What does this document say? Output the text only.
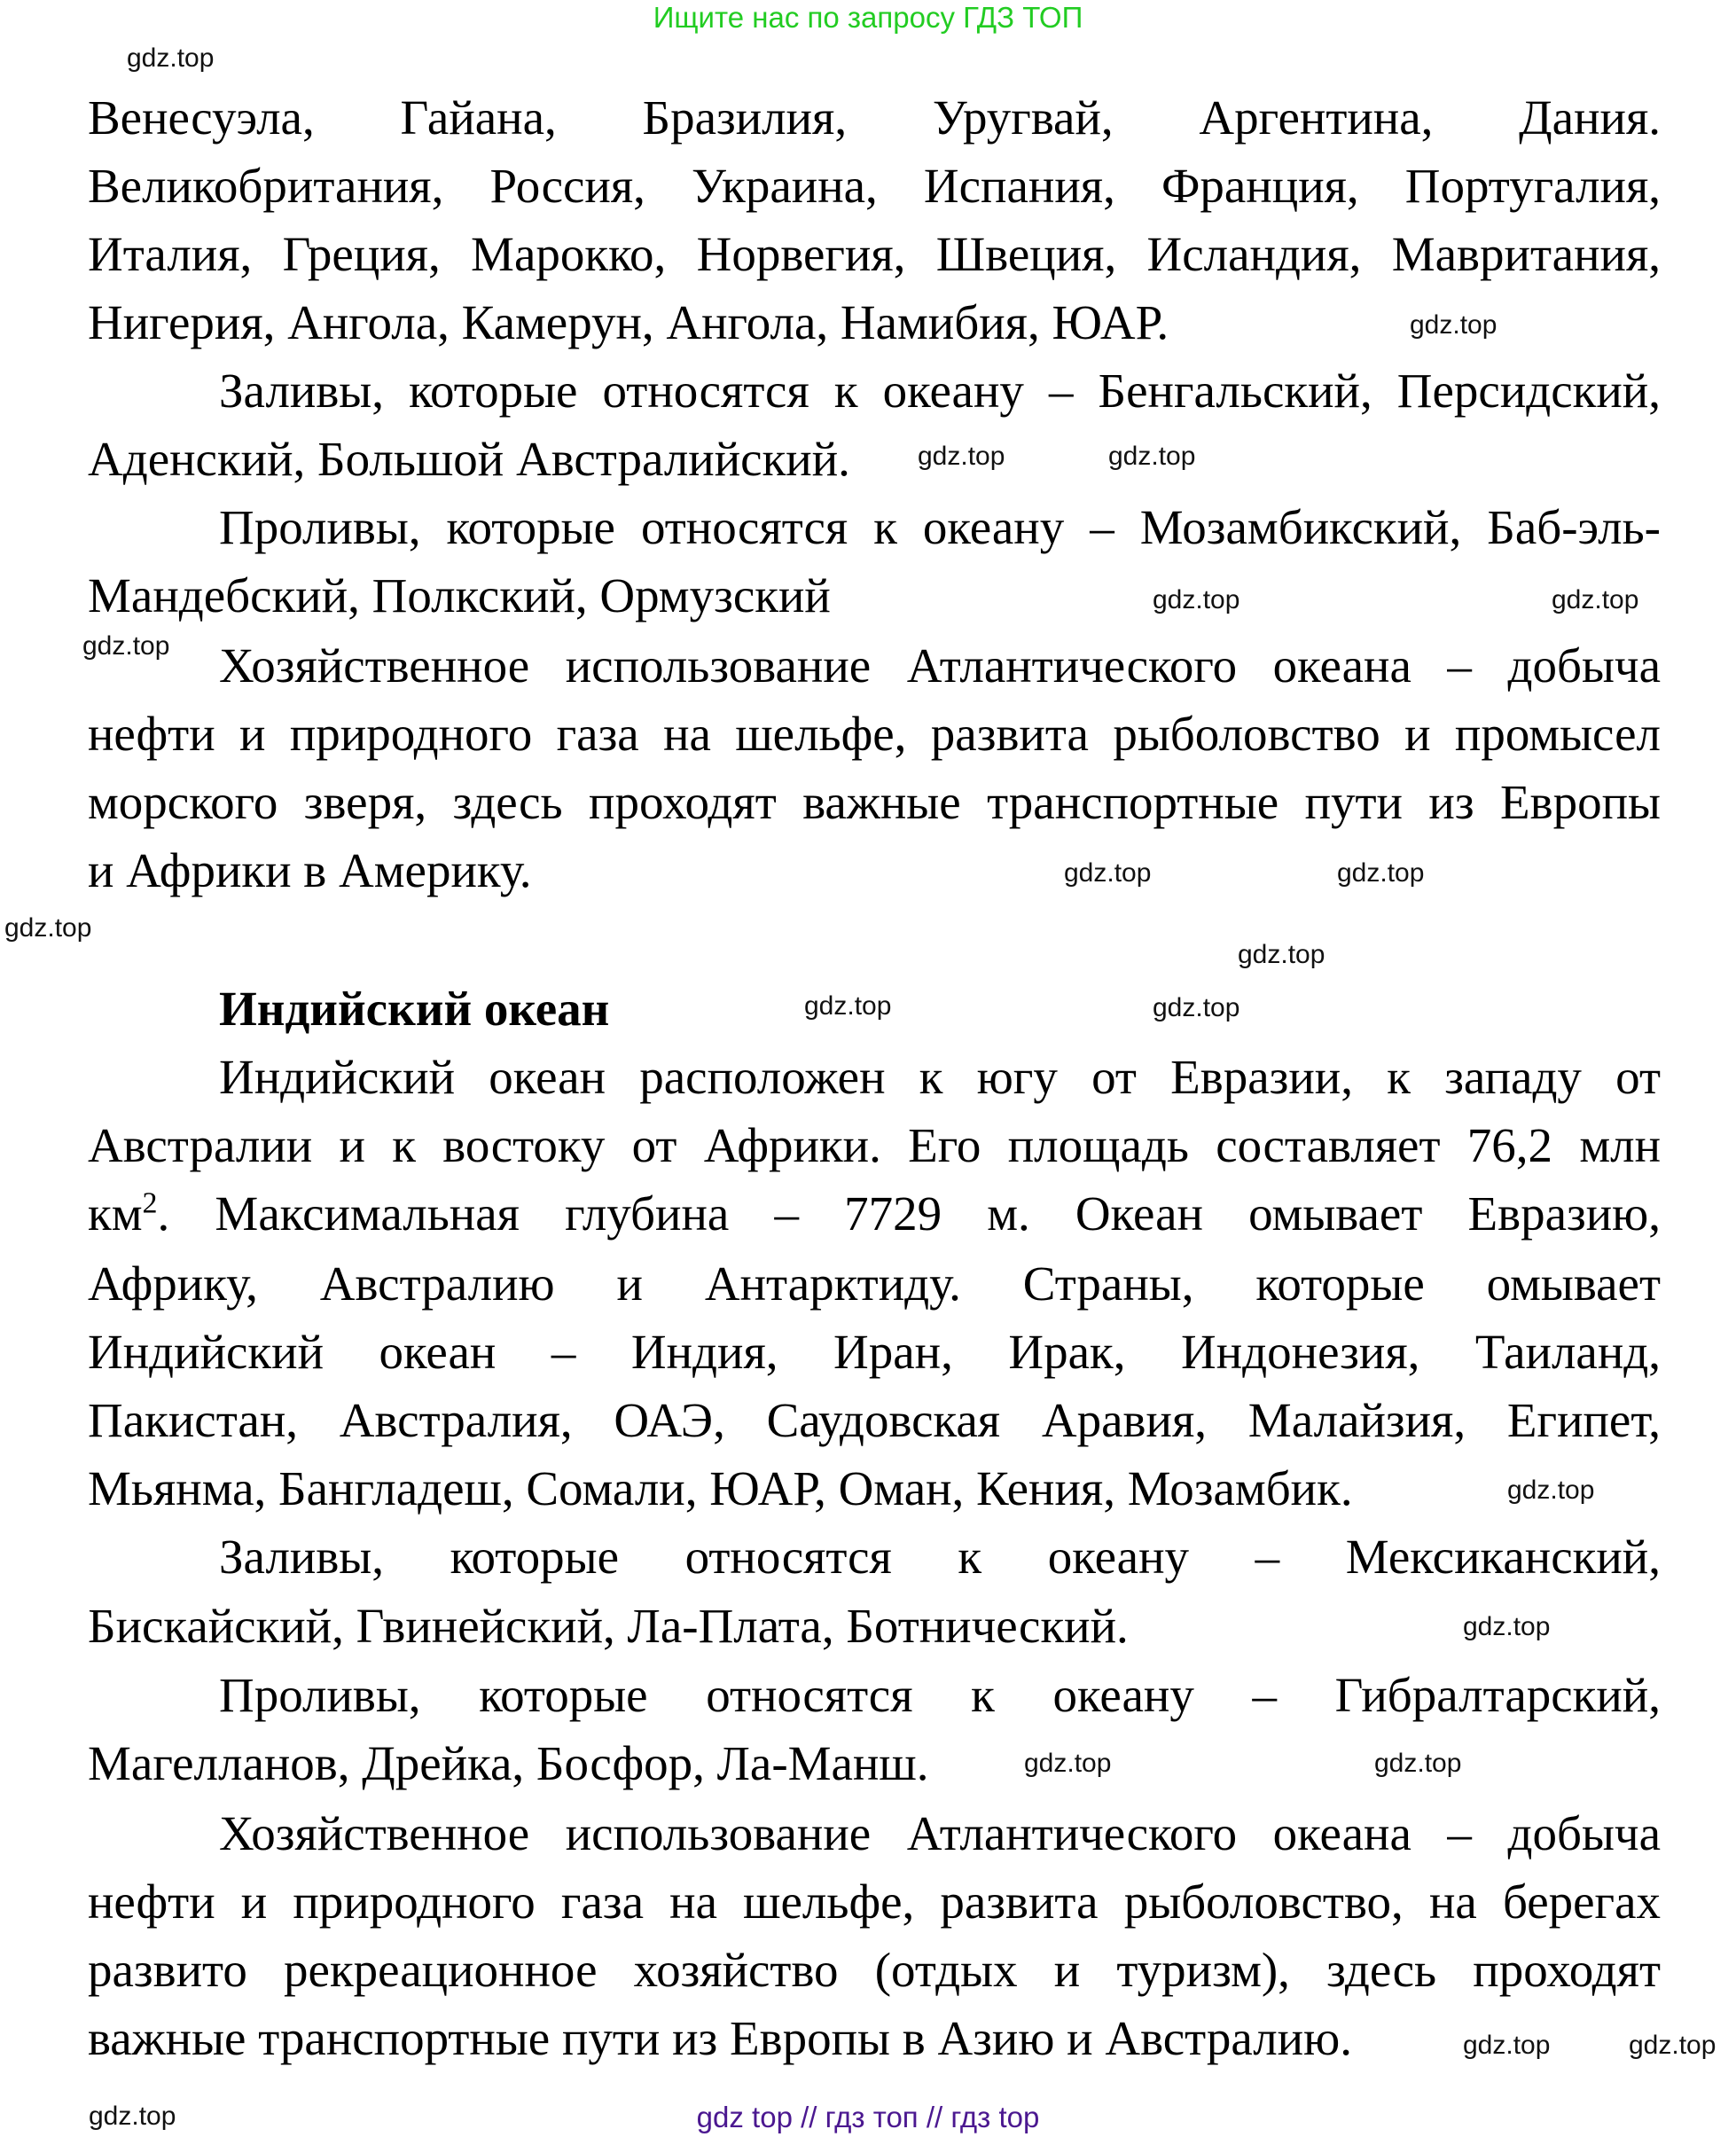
Ищите нас по запросу ГДЗ ТОП
Венесуэла, Гайана, Бразилия, Уругвай, Аргентина, Дания.
Великобритания, Россия, Украина, Испания, Франция, Португалия,
Италия, Греция, Марокко, Норвегия, Швеция, Исландия, Мавритания,
Нигерия, Ангола, Камерун, Ангола, Намибия, ЮАР.
Заливы, которые относятся к океану – Бенгальский, Персидский,
Аденский, Большой Австралийский.
Проливы, которые относятся к океану – Мозамбикский, Баб-эль-
Мандебский, Полкский, Ормузский
Хозяйственное использование Атлантического океана – добыча
нефти и природного газа на шельфе, развита рыболовство и промысел
морского зверя, здесь проходят важные транспортные пути из Европы
и Африки в Америку.
Индийский океан
Индийский океан расположен к югу от Евразии, к западу от
Австралии и к востоку от Африки. Его площадь составляет 76,2 млн
$км^2$. Максимальная глубина – 7729 м. Океан омывает Евразию,
Африку, Австралию и Антарктиду. Страны, которые омывает
Индийский океан – Индия, Иран, Ирак, Индонезия, Таиланд,
Пакистан, Австралия, ОАЭ, Саудовская Аравия, Малайзия, Египет,
Мьянма, Бангладеш, Сомали, ЮАР, Оман, Кения, Мозамбик.
Заливы, которые относятся к океану – Мексиканский,
Бискайский, Гвинейский, Ла-Плата, Ботнический.
Проливы, которые относятся к океану – Гибралтарский,
Магелланов, Дрейка, Босфор, Ла-Манш.
Хозяйственное использование Атлантического океана – добыча
нефти и природного газа на шельфе, развита рыболовство, на берегах
развито рекреационное хозяйство (отдых и туризм), здесь проходят
важные транспортные пути из Европы в Азию и Австралию.
gdz.top
gdz.top
gdz.top
gdz.top
gdz.top
gdz.top
gdz.top
gdz.top
gdz.top
gdz.top
gdz.top	gdz.top
gdz.top
gdz.top
gdz.top
gdz.top
gdz.top
gdz.top
gdz.top	gdz.top
gdz top // гдз топ // гдз top
